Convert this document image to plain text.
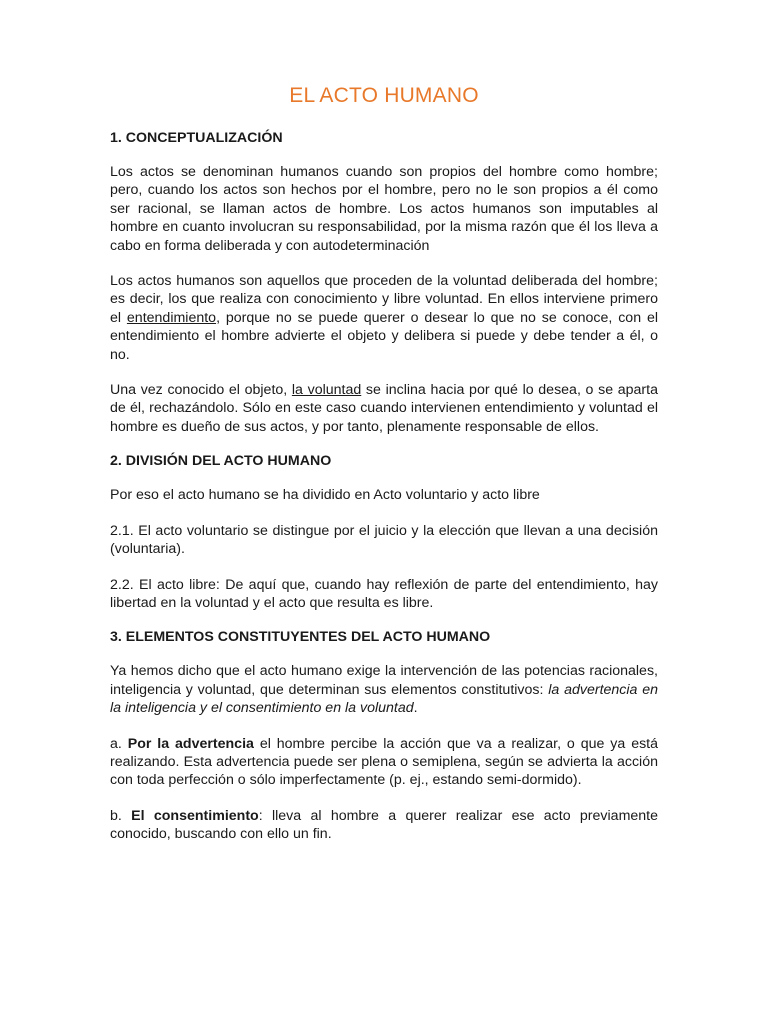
EL ACTO HUMANO
1. CONCEPTUALIZACIÓN

Los actos se denominan humanos cuando son propios del hombre como hombre; pero, cuando los actos son hechos por el hombre, pero no le son propios a él como ser racional, se llaman actos de hombre. Los actos humanos son imputables al hombre en cuanto involucran su responsabilidad, por la misma razón que él los lleva a cabo en forma deliberada y con autodeterminación

Los actos humanos son aquellos que proceden de la voluntad deliberada del hombre; es decir, los que realiza con conocimiento y libre voluntad. En ellos interviene primero el entendimiento, porque no se puede querer o desear lo que no se conoce, con el entendimiento el hombre advierte el objeto y delibera si puede y debe tender a él, o no.

Una vez conocido el objeto, la voluntad se inclina hacia por qué lo desea, o se aparta de él, rechazándolo. Sólo en este caso cuando intervienen entendimiento y voluntad el hombre es dueño de sus actos, y por tanto, plenamente responsable de ellos.

2. DIVISIÓN DEL ACTO HUMANO

Por eso el acto humano se ha dividido en Acto voluntario y acto libre

2.1. El acto voluntario se distingue por el juicio y la elección que llevan a una decisión (voluntaria).

2.2. El acto libre: De aquí que, cuando hay reflexión de parte del entendimiento, hay libertad en la voluntad y el acto que resulta es libre.

3. ELEMENTOS CONSTITUYENTES DEL ACTO HUMANO

Ya hemos dicho que el acto humano exige la intervención de las potencias racionales, inteligencia y voluntad, que determinan sus elementos constitutivos: la advertencia en la inteligencia y el consentimiento en la voluntad.

a. Por la advertencia el hombre percibe la acción que va a realizar, o que ya está realizando. Esta advertencia puede ser plena o semiplena, según se advierta la acción con toda perfección o sólo imperfectamente (p. ej., estando semi-dormido).

b. El consentimiento: lleva al hombre a querer realizar ese acto previamente conocido, buscando con ello un fin.
